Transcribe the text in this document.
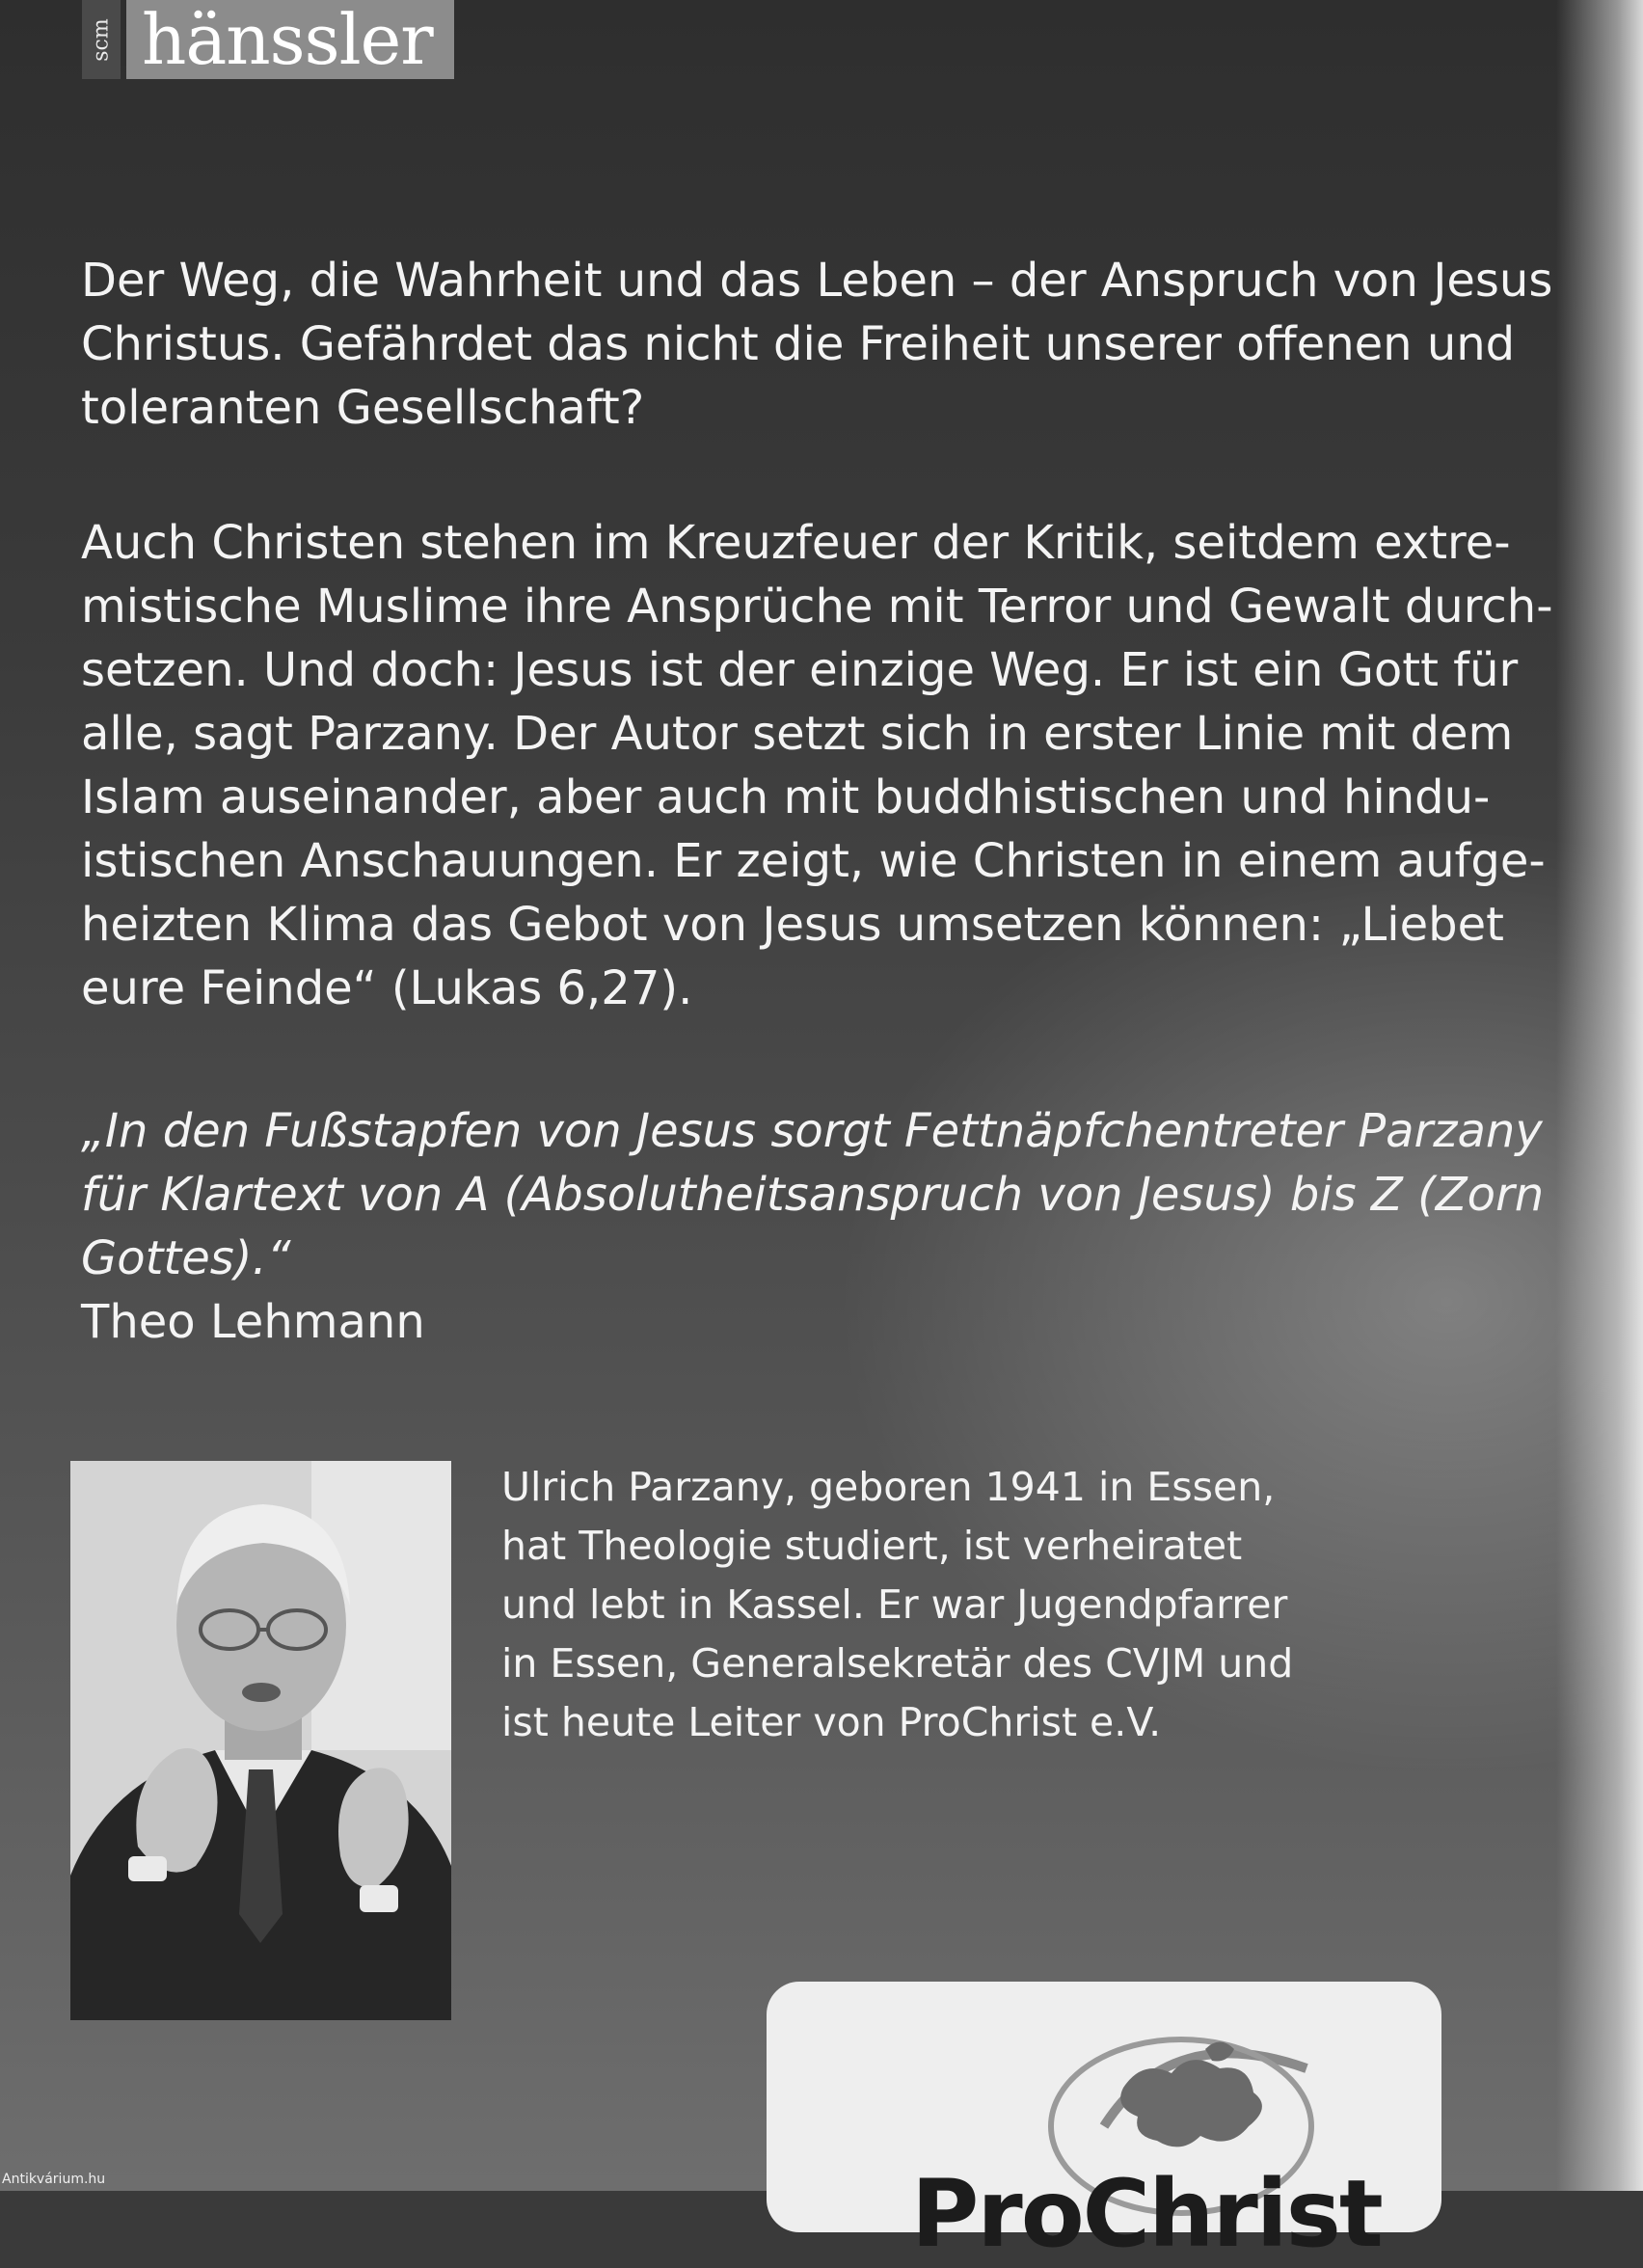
scm hänssler

Der Weg, die Wahrheit und das Leben – der Anspruch von Jesus
Christus. Gefährdet das nicht die Freiheit unserer offenen und
toleranten Gesellschaft?

Auch Christen stehen im Kreuzfeuer der Kritik, seitdem extre-
mistische Muslime ihre Ansprüche mit Terror und Gewalt durch-
setzen. Und doch: Jesus ist der einzige Weg. Er ist ein Gott für
alle, sagt Parzany. Der Autor setzt sich in erster Linie mit dem
Islam auseinander, aber auch mit buddhistischen und hindu-
istischen Anschauungen. Er zeigt, wie Christen in einem aufge-
heizten Klima das Gebot von Jesus umsetzen können: „Liebet
eure Feinde“ (Lukas 6,27).

„In den Fußstapfen von Jesus sorgt Fettnäpfchentreter Parzany
für Klartext von A (Absolutheitsanspruch von Jesus) bis Z (Zorn
Gottes).“
Theo Lehmann

Ulrich Parzany, geboren 1941 in Essen,
hat Theologie studiert, ist verheiratet
und lebt in Kassel. Er war Jugendpfarrer
in Essen, Generalsekretär des CVJM und
ist heute Leiter von ProChrist e.V.
ProChrist
Antikvárium.hu
